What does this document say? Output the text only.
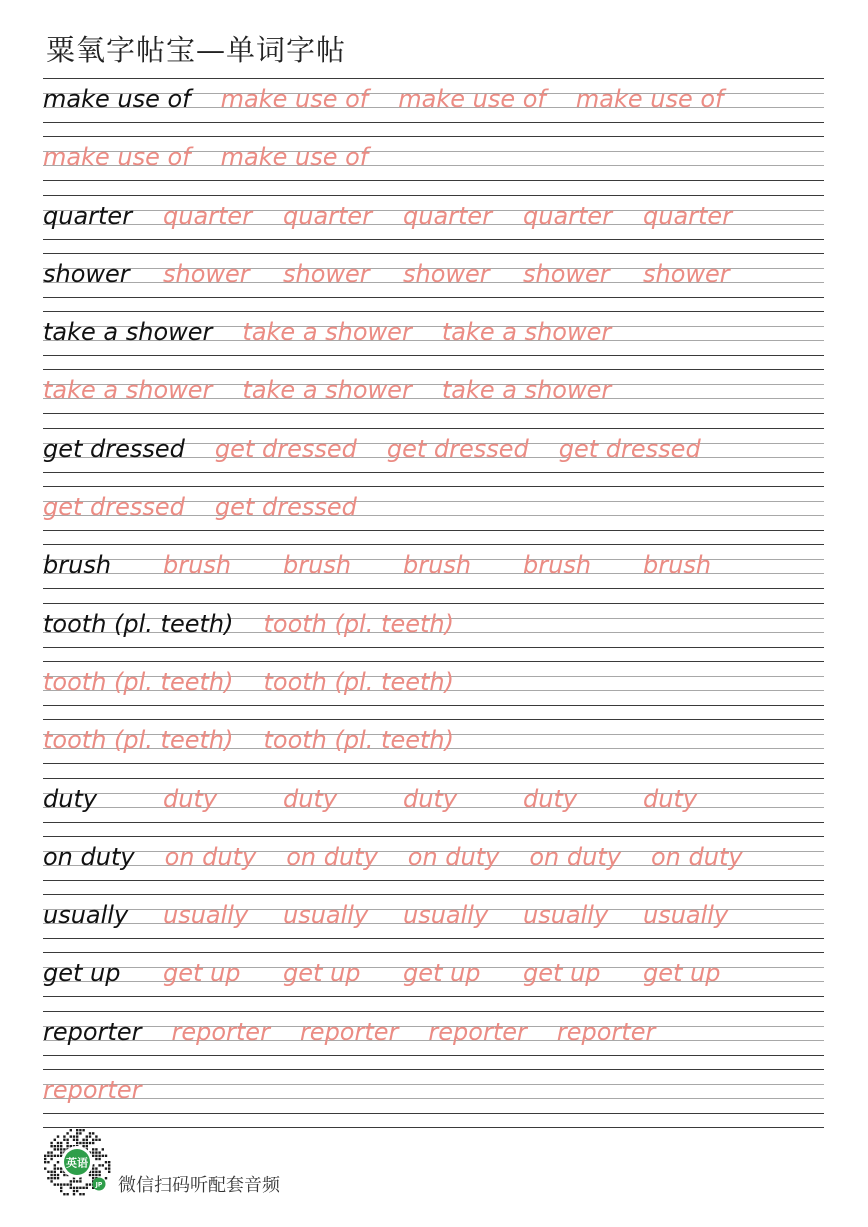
粟氧字帖宝—单词字帖
make use of make use of make use of make use of
make use of make use of
quarter quarter quarter quarter quarter quarter
shower shower shower shower shower shower
take a shower take a shower take a shower
take a shower take a shower take a shower
get dressed get dressed get dressed get dressed
get dressed get dressed
brush brush brush brush brush brush
tooth (pl. teeth) tooth (pl. teeth)
tooth (pl. teeth) tooth (pl. teeth)
tooth (pl. teeth) tooth (pl. teeth)
duty	duty	duty	duty	duty	duty
on duty on duty on duty on duty on duty on duty
usually usually usually usually usually usually
get up get up get up get up get up get up
reporter reporter reporter reporter reporter
reporter
英语
JP 微信扫码听配套音频
